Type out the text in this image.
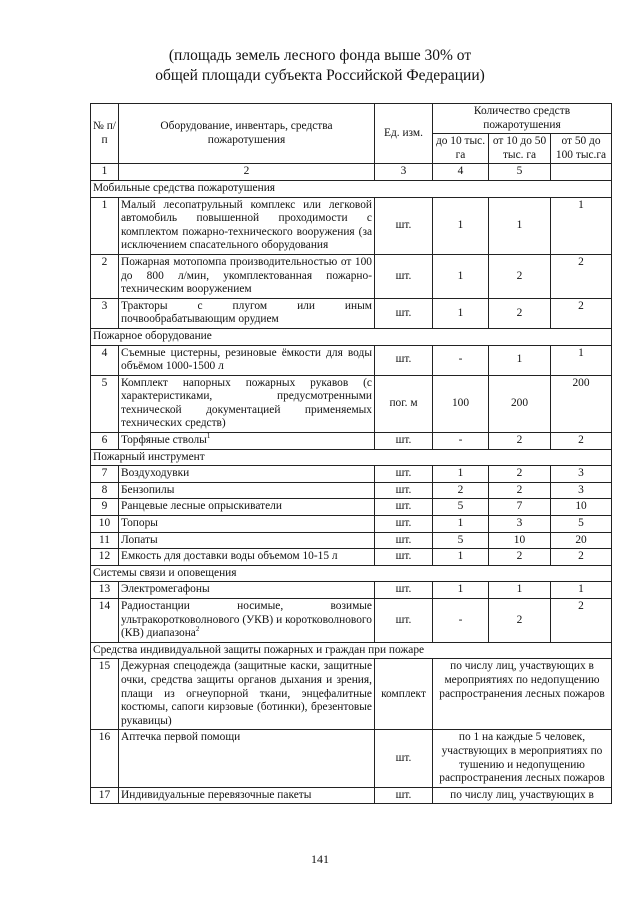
(площадь земель лесного фонда выше 30% от
общей площади субъекта Российской Федерации)
№ п/п	Оборудование, инвентарь, средства пожаротушения	Ед. изм.	Количество средств пожаротушения		
			до 10 тыс. га	от 10 до 50 тыс. га	от 50 до 100 тыс.га
1	2	3	4	5	
Мобильные средства пожаротушения					
1	Малый лесопатрульный комплекс или легковой автомобиль повышенной проходимости с комплектом пожарно-технического вооружения (за исключением спасательного оборудования	шт.	1	1	1
2	Пожарная мотопомпа производительностью от 100 до 800 л/мин, укомплектованная пожарно-техническим вооружением	шт.	1	2	2
3	Тракторы с плугом или иным почвообрабатывающим орудием	шт.	1	2	2
Пожарное оборудование					
4	Съемные цистерны, резиновые ёмкости для воды объёмом 1000-1500 л	шт.	-	1	1
5	Комплект напорных пожарных рукавов (с характеристиками, предусмотренными технической документацией применяемых технических средств)	пог. м	100	200	200
6	Торфяные стволы$^1$	шт.	-	2	2
Пожарный инструмент					
7	Воздуходувки	шт.	1	2	3
8	Бензопилы	шт.	2	2	3
9	Ранцевые лесные опрыскиватели	шт.	5	7	10
10	Топоры	шт.	1	3	5
11	Лопаты	шт.	5	10	20
12	Емкость для доставки воды объемом 10-15 л	шт.	1	2	2
Системы связи и оповещения					
13	Электромегафоны	шт.	1	1	1
14	Радиостанции носимые, возимые ультракоротковолнового (УКВ) и коротковолнового (КВ) диапазона$^2$	шт.	-	2	2
Средства индивидуальной защиты пожарных и граждан при пожаре					
15	Дежурная спецодежда (защитные каски, защитные очки, средства защиты органов дыхания и зрения, плащи из огнеупорной ткани, энцефалитные костюмы, сапоги кирзовые (ботинки), брезентовые рукавицы)	комплект	по числу лиц, участвующих в мероприятиях по недопущению распространения лесных пожаров		
16	Аптечка первой помощи	шт.	по 1 на каждые 5 человек, участвующих в мероприятиях по тушению и недопущению распространения лесных пожаров		
17	Индивидуальные перевязочные пакеты	шт.	по числу лиц, участвующих в		
141
